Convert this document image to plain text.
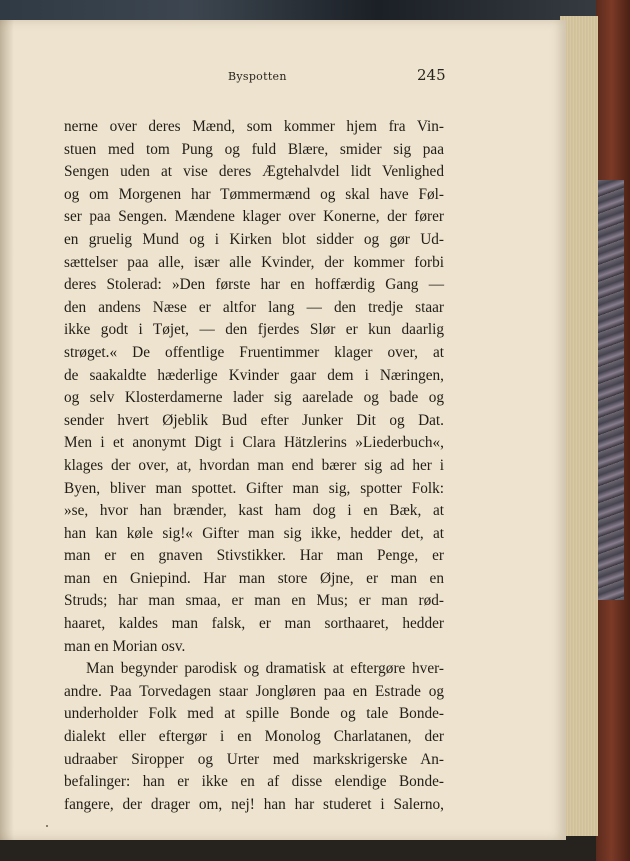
Byspotten	245
nerne over deres Mænd, som kommer hjem fra Vin-
stuen med tom Pung og fuld Blære, smider sig paa
Sengen uden at vise deres Ægtehalvdel lidt Venlighed
og om Morgenen har Tømmermænd og skal have Føl-
ser paa Sengen. Mændene klager over Konerne, der fører
en gruelig Mund og i Kirken blot sidder og gør Ud-
sættelser paa alle, især alle Kvinder, der kommer forbi
deres Stolerad: »Den første har en hoffærdig Gang —
den andens Næse er altfor lang — den tredje staar
ikke godt i Tøjet, — den fjerdes Slør er kun daarlig
strøget.« De offentlige Fruentimmer klager over, at
de saakaldte hæderlige Kvinder gaar dem i Næringen,
og selv Klosterdamerne lader sig aarelade og bade og
sender hvert Øjeblik Bud efter Junker Dit og Dat.
Men i et anonymt Digt i Clara Hätzlerins »Liederbuch«,
klages der over, at, hvordan man end bærer sig ad her i
Byen, bliver man spottet. Gifter man sig, spotter Folk:
»se, hvor han brænder, kast ham dog i en Bæk, at
han kan køle sig!« Gifter man sig ikke, hedder det, at
man er en gnaven Stivstikker. Har man Penge, er
man en Gniepind. Har man store Øjne, er man en
Struds; har man smaa, er man en Mus; er man rød-
haaret, kaldes man falsk, er man sorthaaret, hedder
man en Morian osv.
Man begynder parodisk og dramatisk at eftergøre hver-
andre. Paa Torvedagen staar Jongløren paa en Estrade og
underholder Folk med at spille Bonde og tale Bonde-
dialekt eller eftergør i en Monolog Charlatanen, der
udraaber Siropper og Urter med markskrigerske An-
befalinger: han er ikke en af disse elendige Bonde-
fangere, der drager om, nej! han har studeret i Salerno,
